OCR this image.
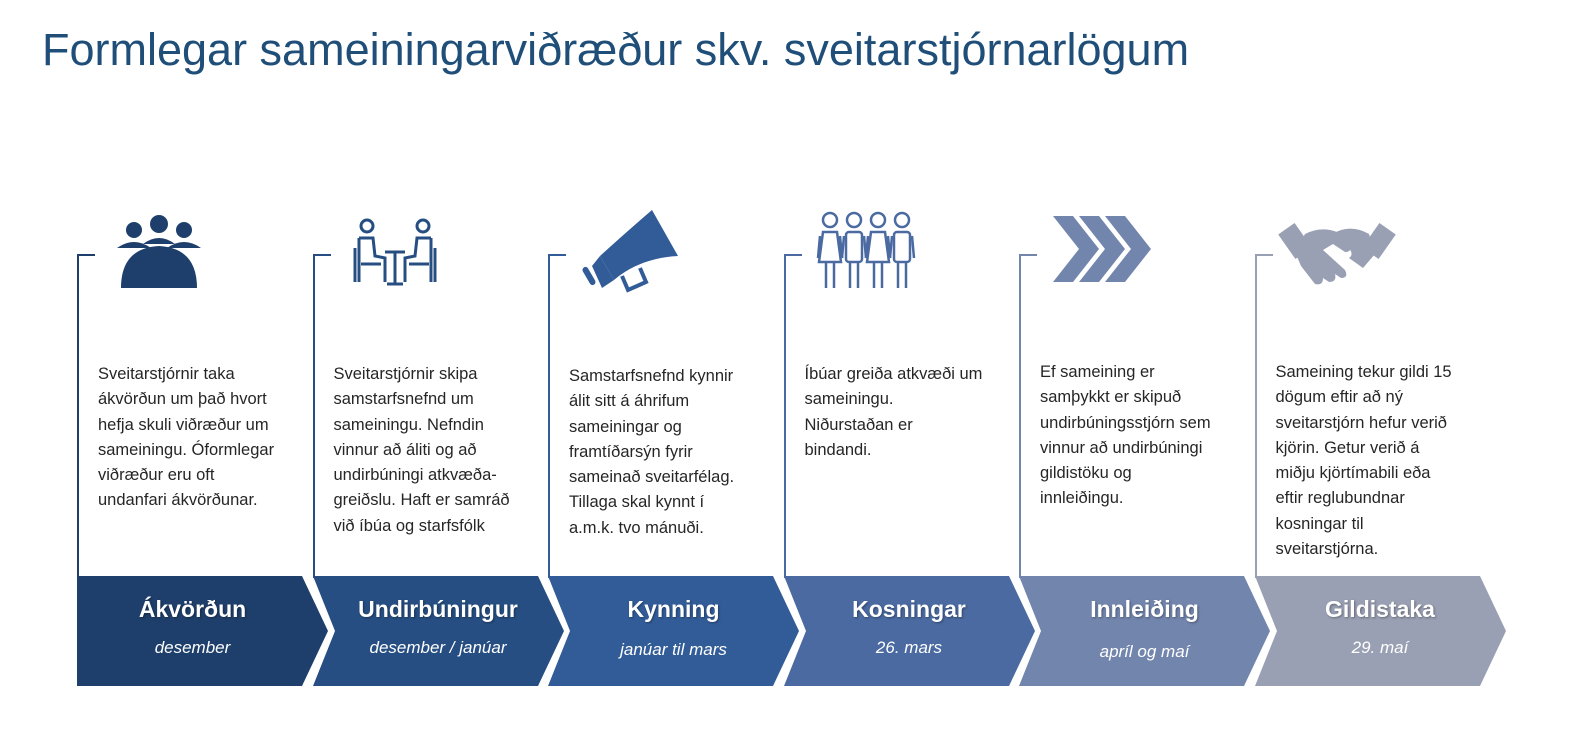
Formlegar sameiningarviðræður skv. sveitarstjórnarlögum

Sveitarstjórnir taka
ákvörðun um það hvort
hefja skuli viðræður um
sameiningu. Óformlegar
viðræður eru oft
undanfari ákvörðunar.

Ákvörðun
desember

Sveitarstjórnir skipa
samstarfsnefnd um
sameiningu. Nefndin
vinnur að áliti og að
undirbúningi atkvæða-
greiðslu. Haft er samráð
við íbúa og starfsfólk

Undirbúningur
desember / janúar

Samstarfsnefnd kynnir
álit sitt á áhrifum
sameiningar og
framtíðarsýn fyrir
sameinað sveitarfélag.
Tillaga skal kynnt í
a.m.k. tvo mánuði.

Kynning
janúar til mars

Íbúar greiða atkvæði um
sameiningu.
Niðurstaðan er
bindandi.

Kosningar
26. mars

Ef sameining er
samþykkt er skipuð
undirbúningsstjórn sem
vinnur að undirbúningi
gildistöku og
innleiðingu.

Innleiðing
apríl og maí

Sameining tekur gildi 15
dögum eftir að ný
sveitarstjórn hefur verið
kjörin. Getur verið á
miðju kjörtímabili eða
eftir reglubundnar
kosningar til
sveitarstjórna.

Gildistaka
29. maí
